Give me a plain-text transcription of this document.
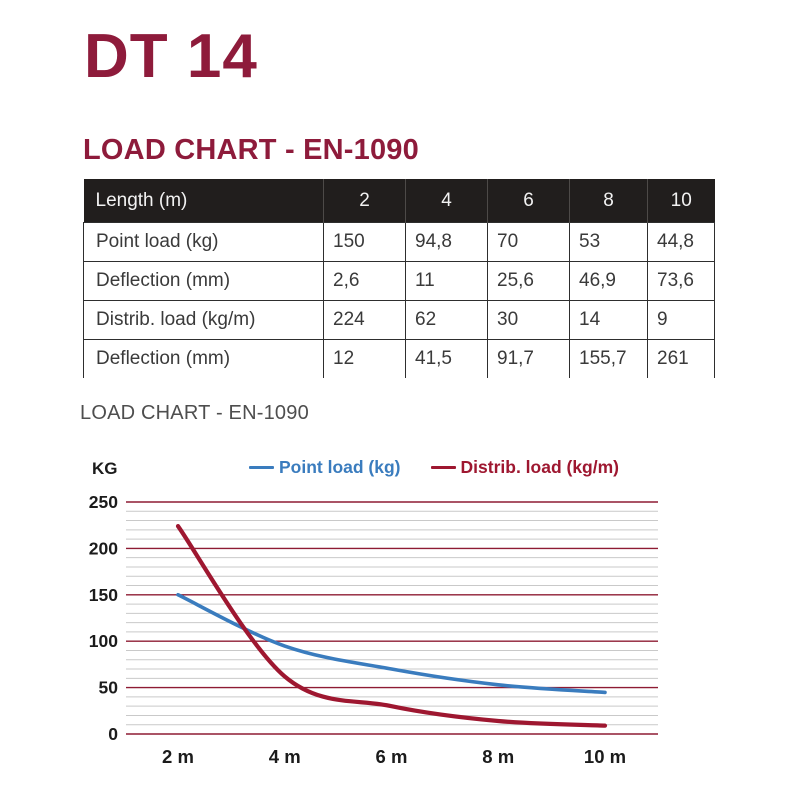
DT 14
LOAD CHART - EN-1090
Length (m)	2	4	6	8	10
Point load (kg)	150	94,8	70	53	44,8
Deflection (mm)	2,6	11	25,6	46,9	73,6
Distrib. load (kg/m)	224	62	30	14	9
Deflection (mm)	12	41,5	91,7	155,7	261
LOAD CHART - EN-1090
KG	Point load (kg)	Distrib. load (kg/m)
0
50
100
150
200
250
2 m	4 m	6 m	8 m	10 m
